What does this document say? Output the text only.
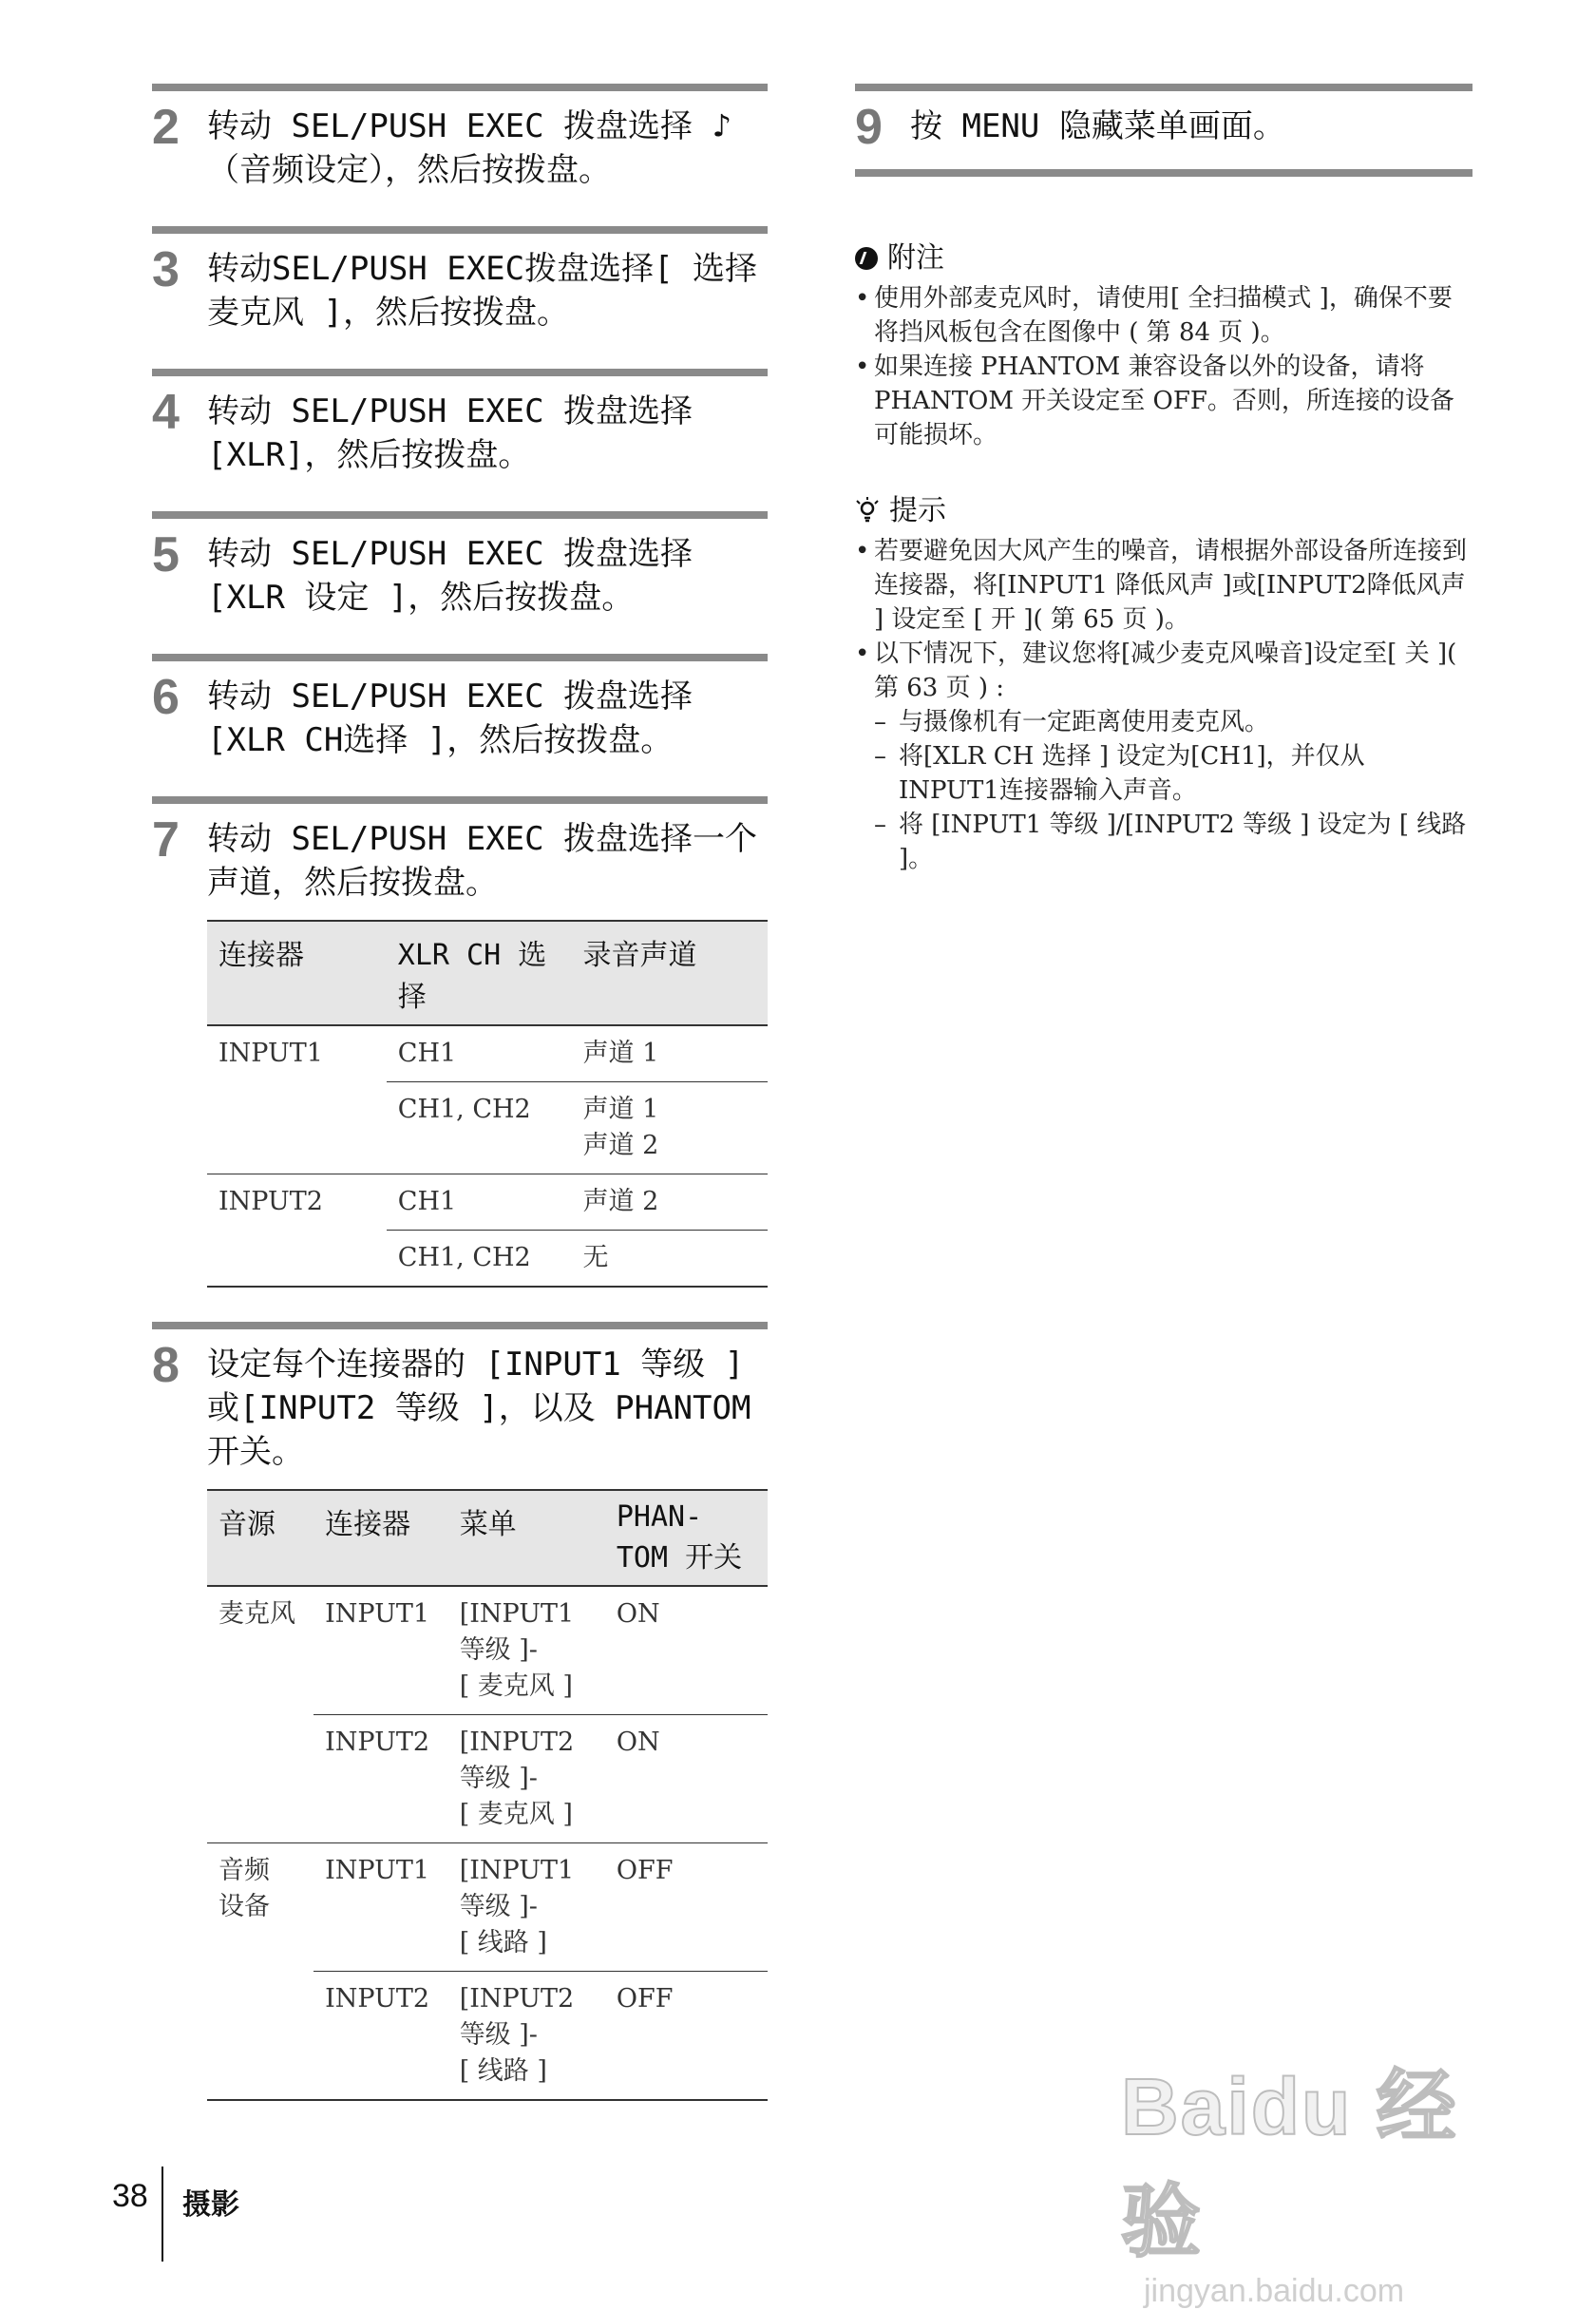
2 转动 SEL/PUSH EXEC 拨盘选择 ♪（音频设定），然后按拨盘。
3 转动SEL/PUSH EXEC拨盘选择[ 选择麦克风 ]，然后按拨盘。
4 转动 SEL/PUSH EXEC 拨盘选择 [XLR]，然后按拨盘。
5 转动 SEL/PUSH EXEC 拨盘选择 [XLR 设定 ]，然后按拨盘。
6 转动 SEL/PUSH EXEC 拨盘选择 [XLR CH选择 ]，然后按拨盘。
7 转动 SEL/PUSH EXEC 拨盘选择一个声道，然后按拨盘。
连接器	XLR CH 选择	录音声道
INPUT1	CH1	声道 1
	CH1, CH2	声道 1
声道 2
INPUT2	CH1	声道 2
	CH1, CH2	无
8 设定每个连接器的 [INPUT1 等级 ] 或[INPUT2 等级 ]，以及 PHANTOM 开关。
音源	连接器	菜单	PHAN-
TOM 开关
麦克风	INPUT1	[INPUT1
等级 ]-
[ 麦克风 ]	ON
	INPUT2	[INPUT2
等级 ]-
[ 麦克风 ]	ON
音频
设备	INPUT1	[INPUT1
等级 ]-
[ 线路 ]	OFF
	INPUT2	[INPUT2
等级 ]-
[ 线路 ]	OFF
9 按 MENU 隐藏菜单画面。
附注
• 使用外部麦克风时，请使用[ 全扫描模式 ]，确保不要将挡风板包含在图像中 ( 第 84 页 )。
• 如果连接 PHANTOM 兼容设备以外的设备，请将 PHANTOM 开关设定至 OFF。否则，所连接的设备可能损坏。
提示
• 若要避免因大风产生的噪音，请根据外部设备所连接到连接器，将[INPUT1 降低风声 ]或[INPUT2降低风声 ] 设定至 [ 开 ]( 第 65 页 )。
• 以下情况下，建议您将[减少麦克风噪音]设定至[ 关 ]( 第 63 页 ) :
– 与摄像机有一定距离使用麦克风。
– 将[XLR CH 选择 ] 设定为[CH1]，并仅从 INPUT1连接器输入声音。
– 将 [INPUT1 等级 ]/[INPUT2 等级 ] 设定为 [ 线路 ]。
38 摄影
Baidu 经验
jingyan.baidu.com
